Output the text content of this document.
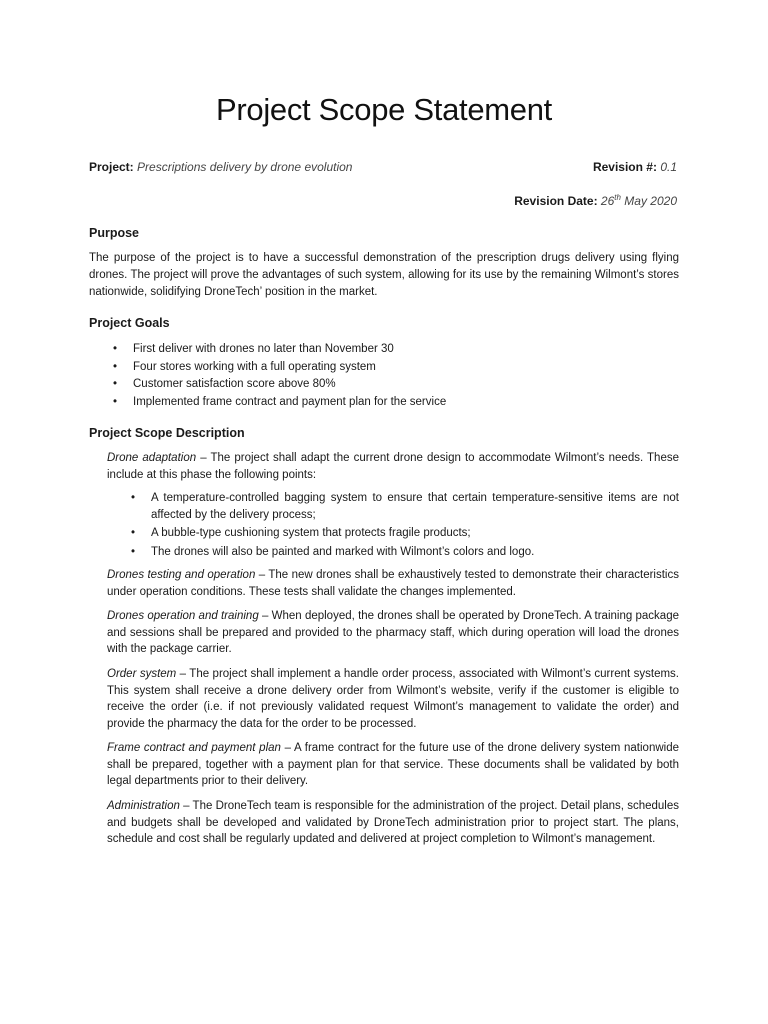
Project Scope Statement
Project: Prescriptions delivery by drone evolution	Revision #: 0.1
Revision Date: 26th May 2020
Purpose
The purpose of the project is to have a successful demonstration of the prescription drugs delivery using flying drones. The project will prove the advantages of such system, allowing for its use by the remaining Wilmont’s stores nationwide, solidifying DroneTech’ position in the market.
Project Goals
• First deliver with drones no later than November 30
• Four stores working with a full operating system
• Customer satisfaction score above 80%
• Implemented frame contract and payment plan for the service
Project Scope Description
Drone adaptation – The project shall adapt the current drone design to accommodate Wilmont’s needs. These include at this phase the following points:
• A temperature-controlled bagging system to ensure that certain temperature-sensitive items are not affected by the delivery process;
• A bubble-type cushioning system that protects fragile products;
• The drones will also be painted and marked with Wilmont’s colors and logo.
Drones testing and operation – The new drones shall be exhaustively tested to demonstrate their characteristics under operation conditions. These tests shall validate the changes implemented.
Drones operation and training – When deployed, the drones shall be operated by DroneTech. A training package and sessions shall be prepared and provided to the pharmacy staff, which during operation will load the drones with the package carrier.
Order system – The project shall implement a handle order process, associated with Wilmont’s current systems. This system shall receive a drone delivery order from Wilmont’s website, verify if the customer is eligible to receive the order (i.e. if not previously validated request Wilmont’s management to validate the order) and provide the pharmacy the data for the order to be processed.
Frame contract and payment plan – A frame contract for the future use of the drone delivery system nationwide shall be prepared, together with a payment plan for that service. These documents shall be validated by both legal departments prior to their delivery.
Administration – The DroneTech team is responsible for the administration of the project. Detail plans, schedules and budgets shall be developed and validated by DroneTech administration prior to project start. The plans, schedule and cost shall be regularly updated and delivered at project completion to Wilmont’s management.
